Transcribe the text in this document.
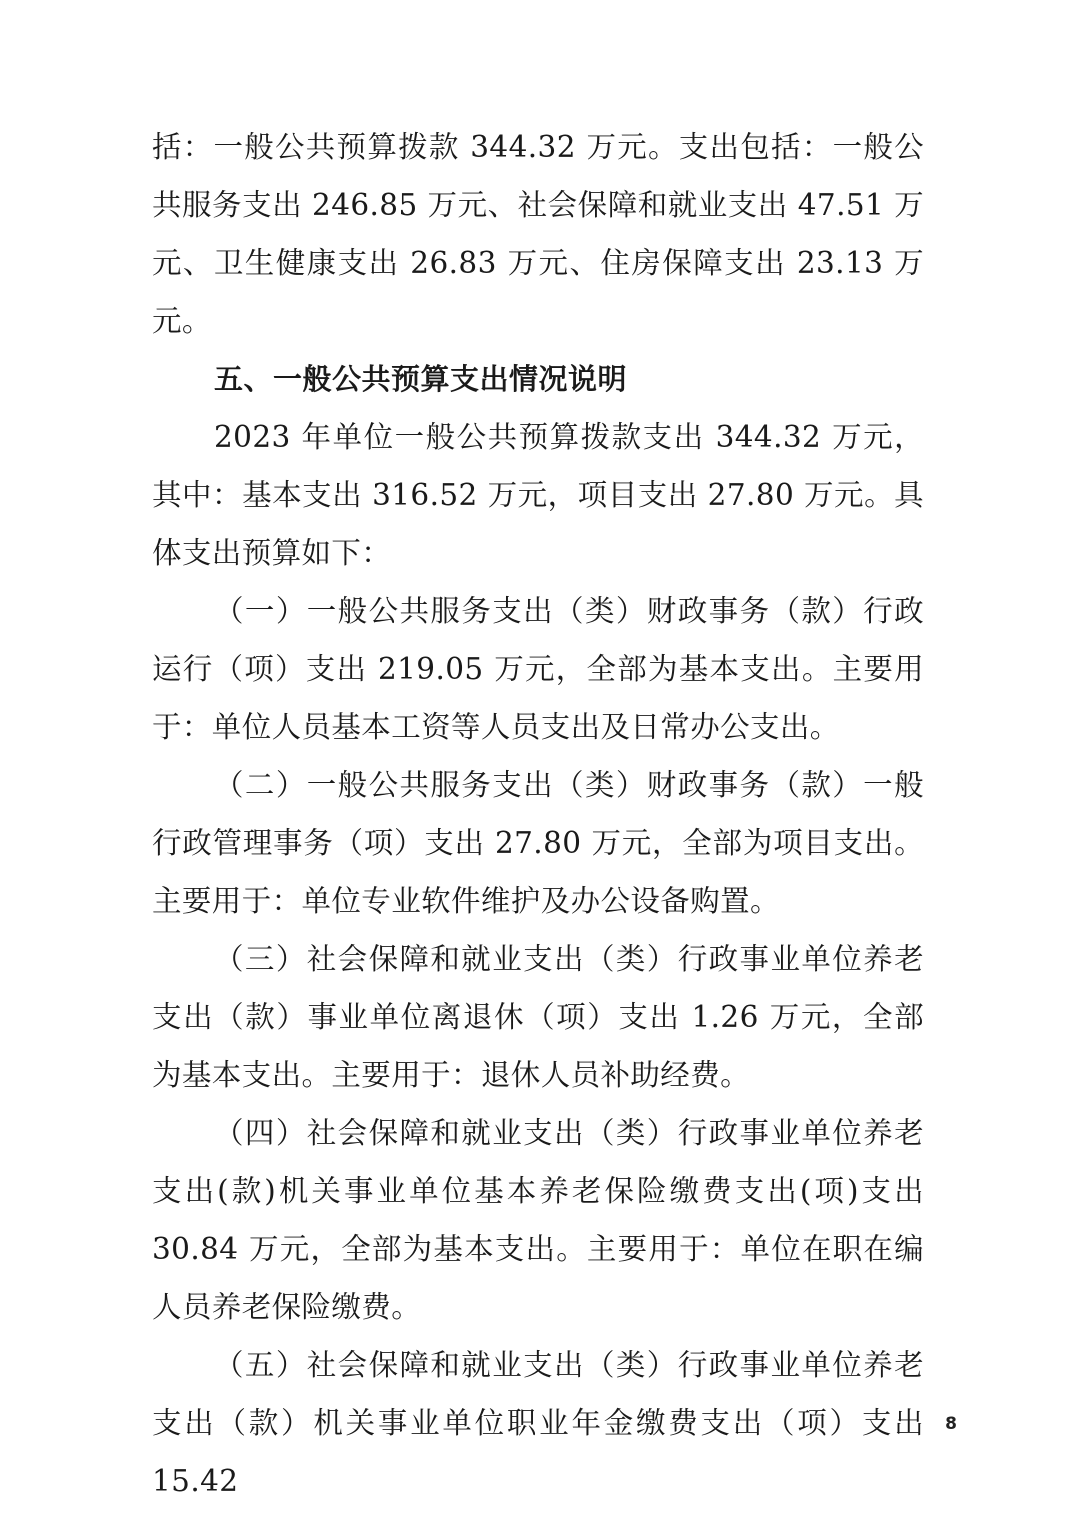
括：一般公共预算拨款 344.32 万元。支出包括：一般公共服务支出 246.85 万元、社会保障和就业支出 47.51 万元、卫生健康支出 26.83 万元、住房保障支出 23.13 万元。

五、一般公共预算支出情况说明

2023 年单位一般公共预算拨款支出 344.32 万元，其中：基本支出 316.52 万元，项目支出 27.80 万元。具体支出预算如下：

（一）一般公共服务支出（类）财政事务（款）行政运行（项）支出 219.05 万元，全部为基本支出。主要用于：单位人员基本工资等人员支出及日常办公支出。

（二）一般公共服务支出（类）财政事务（款）一般行政管理事务（项）支出 27.80 万元，全部为项目支出。主要用于：单位专业软件维护及办公设备购置。

（三）社会保障和就业支出（类）行政事业单位养老支出（款）事业单位离退休（项）支出 1.26 万元，全部为基本支出。主要用于：退休人员补助经费。

（四）社会保障和就业支出（类）行政事业单位养老支出(款)机关事业单位基本养老保险缴费支出(项)支出 30.84 万元，全部为基本支出。主要用于：单位在职在编人员养老保险缴费。

（五）社会保障和就业支出（类）行政事业单位养老支出（款）机关事业单位职业年金缴费支出（项）支出 15.42

8
